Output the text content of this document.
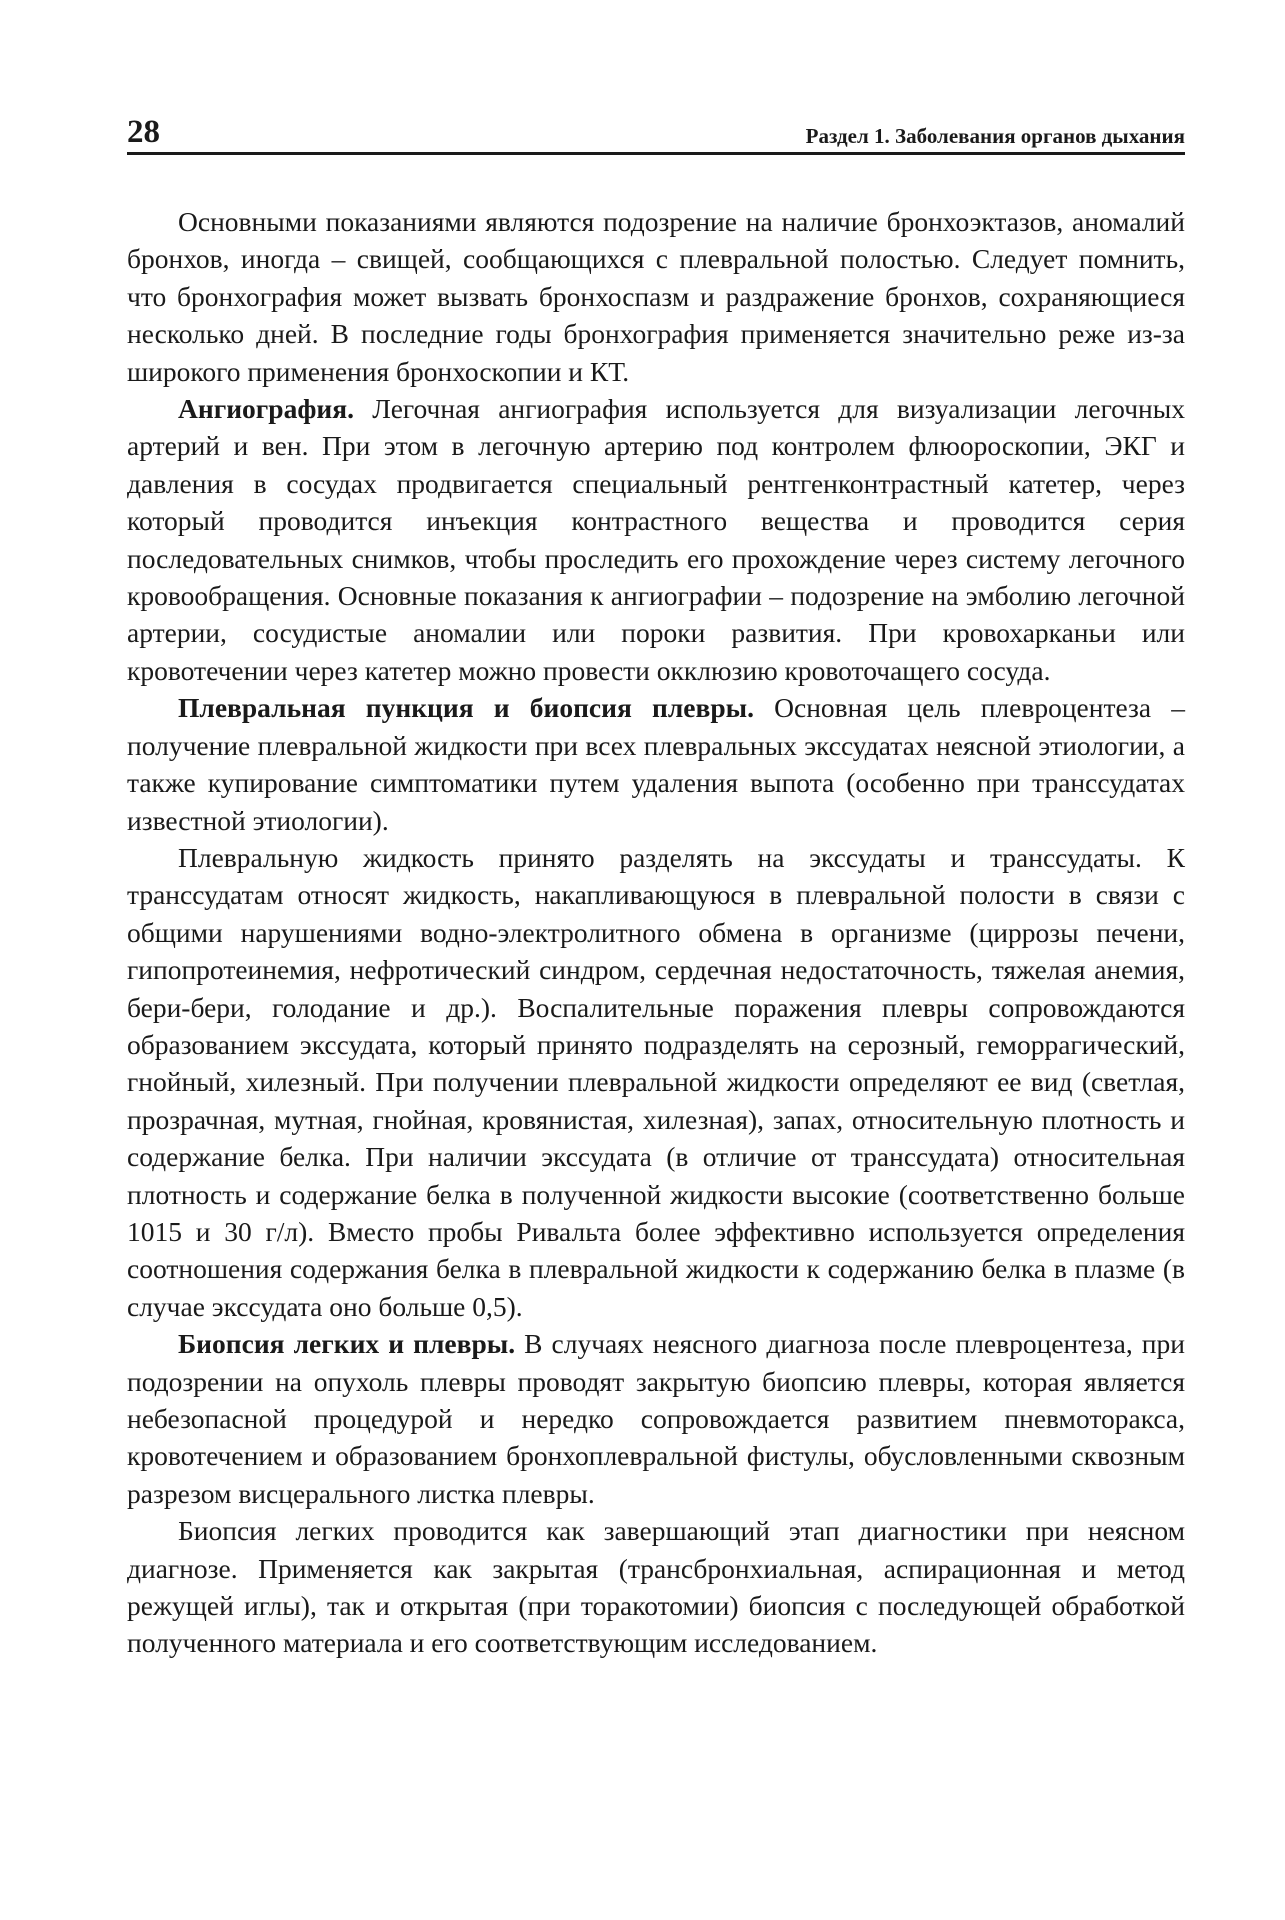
28	Раздел 1. Заболевания органов дыхания

Основными показаниями являются подозрение на наличие бронхоэктазов, аномалий бронхов, иногда – свищей, сообщающихся с плевральной полостью. Следует помнить, что бронхография может вызвать бронхоспазм и раздражение бронхов, сохраняющиеся несколько дней. В последние годы бронхография применяется значительно реже из-за широкого применения бронхоскопии и КТ.

Ангиография. Легочная ангиография используется для визуализации легочных артерий и вен. При этом в легочную артерию под контролем флюороскопии, ЭКГ и давления в сосудах продвигается специальный рентгенконтрастный катетер, через который проводится инъекция контрастного вещества и проводится серия последовательных снимков, чтобы проследить его прохождение через систему легочного кровообращения. Основные показания к ангиографии – подозрение на эмболию легочной артерии, сосудистые аномалии или пороки развития. При кровохарканьи или кровотечении через катетер можно провести окклюзию кровоточащего сосуда.

Плевральная пункция и биопсия плевры. Основная цель плевроцентеза – получение плевральной жидкости при всех плевральных экссудатах неясной этиологии, а также купирование симптоматики путем удаления выпота (особенно при транссудатах известной этиологии).

Плевральную жидкость принято разделять на экссудаты и транссудаты. К транссудатам относят жидкость, накапливающуюся в плевральной полости в связи с общими нарушениями водно-электролитного обмена в организме (циррозы печени, гипопротеинемия, нефротический синдром, сердечная недостаточность, тяжелая анемия, бери-бери, голодание и др.). Воспалительные поражения плевры сопровождаются образованием экссудата, который принято подразделять на серозный, геморрагический, гнойный, хилезный. При получении плевральной жидкости определяют ее вид (светлая, прозрачная, мутная, гнойная, кровянистая, хилезная), запах, относительную плотность и содержание белка. При наличии экссудата (в отличие от транссудата) относительная плотность и содержание белка в полученной жидкости высокие (соответственно больше 1015 и 30 г/л). Вместо пробы Ривальта более эффективно используется определения соотношения содержания белка в плевральной жидкости к содержанию белка в плазме (в случае экссудата оно больше 0,5).

Биопсия легких и плевры. В случаях неясного диагноза после плевроцентеза, при подозрении на опухоль плевры проводят закрытую биопсию плевры, которая является небезопасной процедурой и нередко сопровождается развитием пневмоторакса, кровотечением и образованием бронхоплевральной фистулы, обусловленными сквозным разрезом висцерального листка плевры.

Биопсия легких проводится как завершающий этап диагностики при неясном диагнозе. Применяется как закрытая (трансбронхиальная, аспирационная и метод режущей иглы), так и открытая (при торакотомии) биопсия с последующей обработкой полученного материала и его соответствующим исследованием.
